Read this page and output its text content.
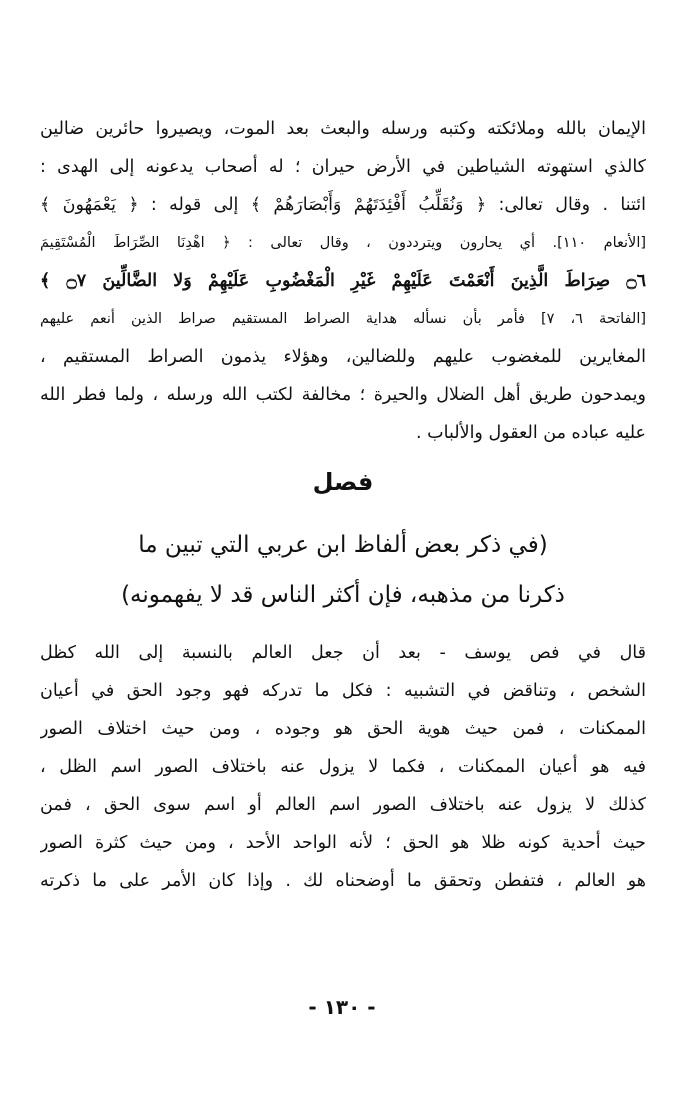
الإيمان بالله وملائكته وكتبه ورسله والبعث بعد الموت، ويصيروا حائرين ضالين
كالذي استهوته الشياطين في الأرض حيران ؛ له أصحاب يدعونه إلى الهدى :
ائتنا . وقال تعالى: ﴿ وَنُقَلِّبُ أَفْئِدَتَهُمْ وَأَبْصَارَهُمْ ﴾ إلى قوله : ﴿ يَعْمَهُونَ ﴾
[الأنعام ١١٠]. أي يحارون ويترددون ، وقال تعالى : ﴿ اهْدِنَا الصِّرَاطَ الْمُسْتَقِيمَ
۝٦ صِرَاطَ الَّذِينَ أَنْعَمْتَ عَلَيْهِمْ غَيْرِ الْمَغْضُوبِ عَلَيْهِمْ وَلا الضَّالِّينَ ۝٧ ﴾
[الفاتحة ٦، ٧] فأمر بأن نسأله هداية الصراط المستقيم صراط الذين أنعم عليهم
المغايرين للمغضوب عليهم وللضالين، وهؤلاء يذمون الصراط المستقيم ،
ويمدحون طريق أهل الضلال والحيرة ؛ مخالفة لكتب الله ورسله ، ولما فطر الله
عليه عباده من العقول والألباب .

فصل
(في ذكر بعض ألفاظ ابن عربي التي تبين ما
ذكرنا من مذهبه، فإن أكثر الناس قد لا يفهمونه)

قال في فص يوسف - بعد أن جعل العالم بالنسبة إلى الله كظل
الشخص ، وتناقض في التشبيه : فكل ما تدركه فهو وجود الحق في أعيان
الممكنات ، فمن حيث هوية الحق هو وجوده ، ومن حيث اختلاف الصور
فيه هو أعيان الممكنات ، فكما لا يزول عنه باختلاف الصور اسم الظل ،
كذلك لا يزول عنه باختلاف الصور اسم العالم أو اسم سوى الحق ، فمن
حيث أحدية كونه ظلا هو الحق ؛ لأنه الواحد الأحد ، ومن حيث كثرة الصور
هو العالم ، فتفطن وتحقق ما أوضحناه لك . وإذا كان الأمر على ما ذكرته

- ١٣٠ -
